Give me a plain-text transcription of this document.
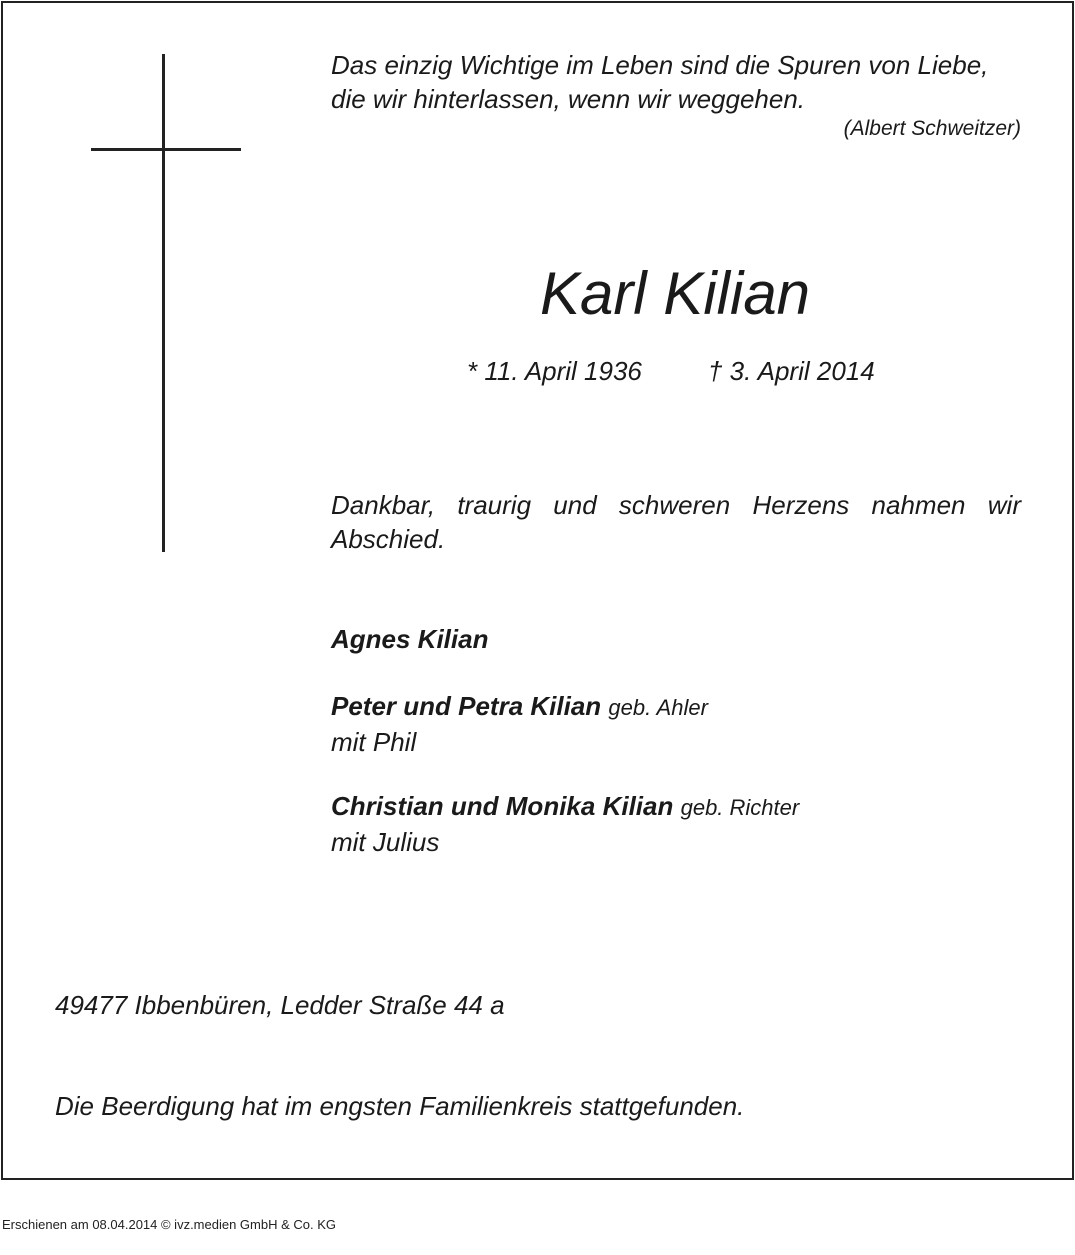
Das einzig Wichtige im Leben sind die Spuren von Liebe,
die wir hinterlassen, wenn wir weggehen.
(Albert Schweitzer)
Karl Kilian
* 11. April 1936	† 3. April 2014
Dankbar, traurig und schweren Herzens nahmen wir
Abschied.
Agnes Kilian
Peter und Petra Kilian geb. Ahler
mit Phil
Christian und Monika Kilian geb. Richter
mit Julius
49477 Ibbenbüren, Ledder Straße 44 a
Die Beerdigung hat im engsten Familienkreis stattgefunden.
Erschienen am 08.04.2014 © ivz.medien GmbH & Co. KG
